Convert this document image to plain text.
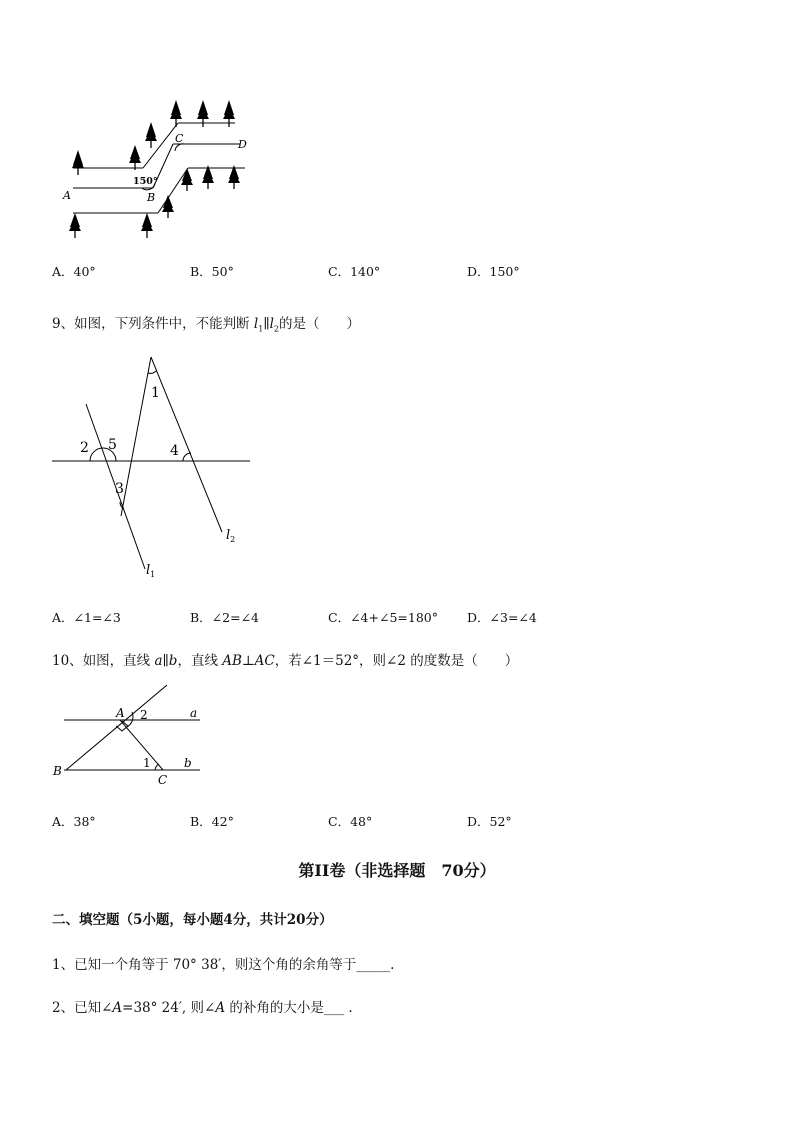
A	B
C	D
150°
A．40°	B．50°	C．140°	D．150°
9、如图，下列条件中，不能判断 $l_1\parallel l_2$的是（　　）
1
2
3
4
5
$l_1$
$l_2$
A．∠1=∠3	B．∠2=∠4	C．∠4+∠5=180° D．∠3=∠4
10、如图，直线 a∥b，直线 AB⊥AC，若∠1＝52°，则∠2 的度数是（　　）
A
B
C
a
b
1
2
A．38°	B．42°	C．48°	D．52°
第II卷（非选择题　70分）
二、填空题（5小题，每小题4分，共计20分）
1、已知一个角等于 70° 38′，则这个角的余角等于_____.
2、已知∠A=38° 24′, 则∠A 的补角的大小是___ .
